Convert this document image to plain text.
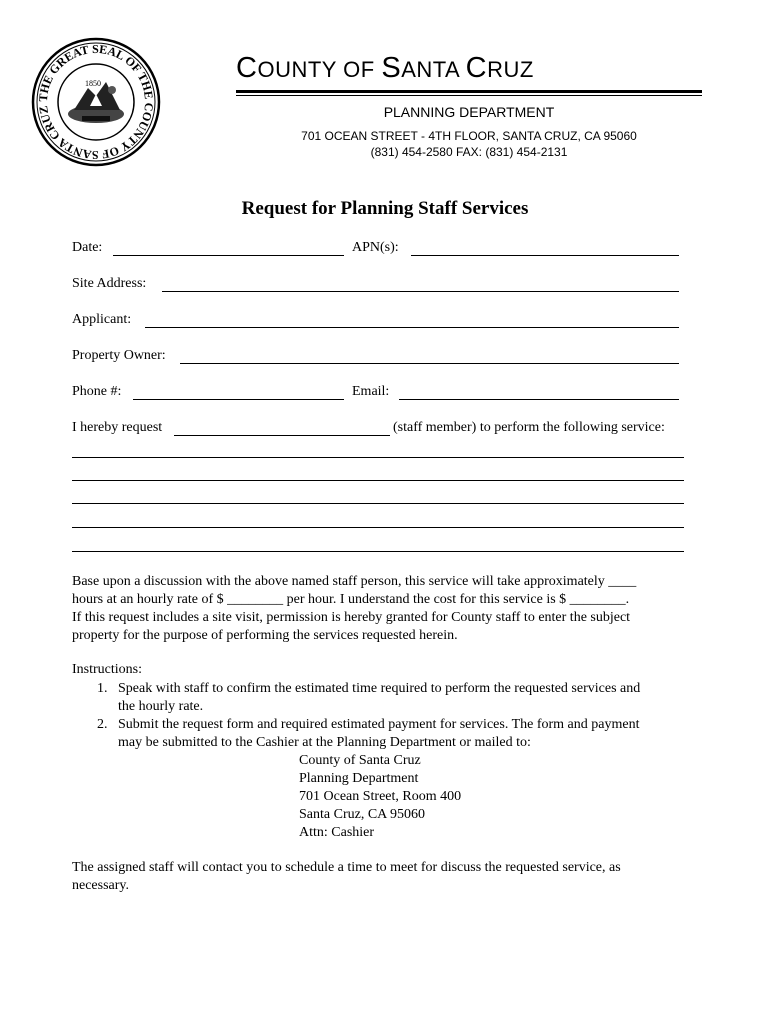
THE GREAT SEAL OF THE COUNTY OF SANTA CRUZ
1850	COUNTY OF SANTA CRUZ
PLANNING DEPARTMENT
701 OCEAN STREET - 4TH FLOOR, SANTA CRUZ, CA 95060
(831) 454-2580 FAX: (831) 454-2131
Request for Planning Staff Services
Date:	APN(s):
Site Address:
Applicant:
Property Owner:
Phone #:	Email:
I hereby request	(staff member) to perform the following service:
Base upon a discussion with the above named staff person, this service will take approximately ____
hours at an hourly rate of $ ________ per hour. I understand the cost for this service is $ ________.
If this request includes a site visit, permission is hereby granted for County staff to enter the subject
property for the purpose of performing the services requested herein.
Instructions:
1. Speak with staff to confirm the estimated time required to perform the requested services and
the hourly rate.
2. Submit the request form and required estimated payment for services. The form and payment
may be submitted to the Cashier at the Planning Department or mailed to:
County of Santa Cruz
Planning Department
701 Ocean Street, Room 400
Santa Cruz, CA 95060
Attn: Cashier
The assigned staff will contact you to schedule a time to meet for discuss the requested service, as
necessary.
